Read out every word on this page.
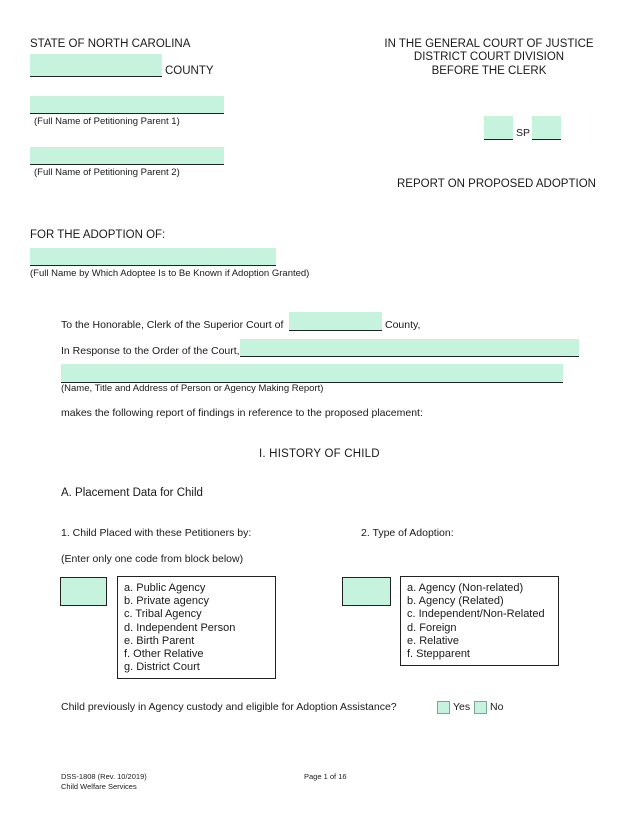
STATE OF NORTH CAROLINA
COUNTY
IN THE GENERAL COURT OF JUSTICE
DISTRICT COURT DIVISION
BEFORE THE CLERK
(Full Name of Petitioning Parent 1)
SP
(Full Name of Petitioning Parent 2)
REPORT ON PROPOSED ADOPTION
FOR THE ADOPTION OF:
(Full Name by Which Adoptee Is to Be Known if Adoption Granted)
To the Honorable, Clerk of the Superior Court of	County,
In Response to the Order of the Court,
(Name, Title and Address of Person or Agency Making Report)
makes the following report of findings in reference to the proposed placement:
I. HISTORY OF CHILD
A. Placement Data for Child
1. Child Placed with these Petitioners by:	2. Type of Adoption:
(Enter only one code from block below)
a. Public Agency
b. Private agency
c. Tribal Agency
d. Independent Person
e. Birth Parent
f. Other Relative
g. District Court
a. Agency (Non-related)
b. Agency (Related)
c. Independent/Non-Related
d. Foreign
e. Relative
f. Stepparent
Child previously in Agency custody and eligible for Adoption Assistance?	Yes No
DSS-1808 (Rev. 10/2019)
Child Welfare Services
Page 1 of 16
